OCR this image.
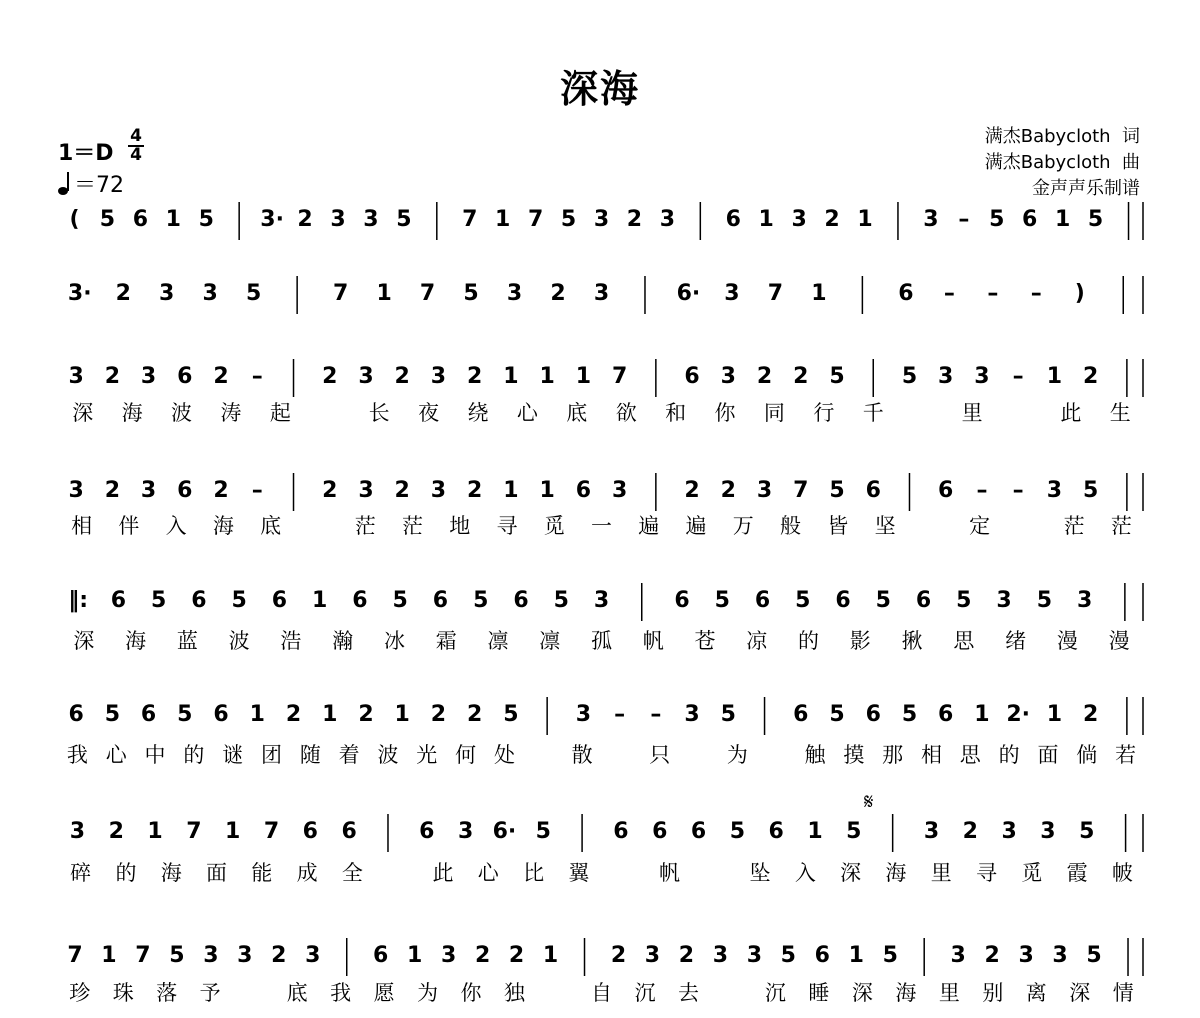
深海
1＝D
4
4
＝72
满杰Babycloth  词
满杰Babycloth  曲
金声声乐制谱
𝄋
( 5 6 1 5 3· 2 3 3 5 7 1 7 5 3 2 3 6 1 3 2 1 3 – 5 6 1 5
3· 2 3 3 5	7 1 7 5 3 2 3	6· 3 7 1	6 – – – )
3 2 3 6 2 –	2 3 2 3 2 1 1 1 7	6 3 2 2 5	5 3 3 – 1 2
深 海 波 涛 起	长 夜 绕 心 底 欲 和 你 同 行 千	里	此 生
3 2 3 6 2 –	2 3 2 3 2 1 1 6 3	2 2 3 7 5 6	6 – – 3 5
相 伴 入 海 底	茫 茫 地 寻 觅 一 遍 遍 万 般 皆 坚	定	茫 茫
‖: 6 5 6 5 6 1 6 5 6 5 6 5 3	6 5 6 5 6 5 6 5 3 5 3
深 海 蓝 波 浩 瀚 冰 霜 凛 凛 孤 帆 苍 凉 的 影 揪 思 绪 漫 漫
6 5 6 5 6 1 2 1 2 1 2 2 5	3 – – 3 5	6 5 6 5 6 1 2· 1 2
我 心 中 的 谜 团 随 着 波 光 何 处	散	只	为	触 摸 那 相 思 的 面 倘 若
3 2 1 7 1 7 6 6	6 3 6· 5	6 6 6 5 6 1 5	3 2 3 3 5
碎 的 海 面 能 成 全	此 心 比 翼	帆	坠 入 深 海 里 寻 觅 霞 帔
7 1 7 5 3 3 2 3 6 1 3 2 2 1 2 3 2 3 3 5 6 1 5 3 2 3 3 5
珍 珠 落 予	底 我 愿 为 你 独	自 沉 去	沉 睡 深 海 里 别 离 深 情
